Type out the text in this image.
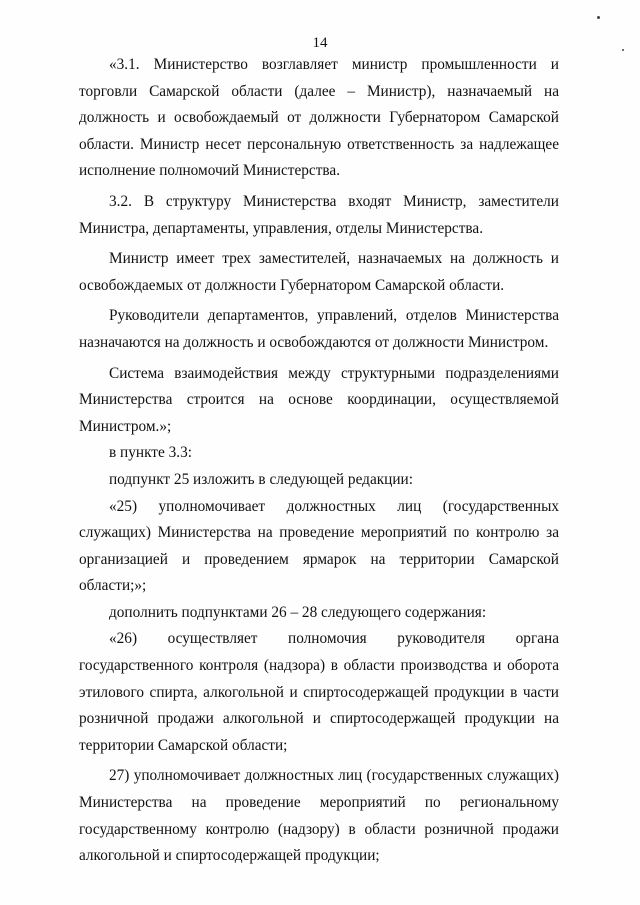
14

«3.1. Министерство возглавляет министр промышленности и торговли Самарской области (далее – Министр), назначаемый на должность и освобождаемый от должности Губернатором Самарской области. Министр несет персональную ответственность за надлежащее исполнение полномочий Министерства.

3.2. В структуру Министерства входят Министр, заместители Министра, департаменты, управления, отделы Министерства.

Министр имеет трех заместителей, назначаемых на должность и освобождаемых от должности Губернатором Самарской области.

Руководители департаментов, управлений, отделов Министерства назначаются на должность и освобождаются от должности Министром.

Система взаимодействия между структурными подразделениями Министерства строится на основе координации, осуществляемой Министром.»;

в пункте 3.3:

подпункт 25 изложить в следующей редакции:

«25) уполномочивает должностных лиц (государственных служащих) Министерства на проведение мероприятий по контролю за организацией и проведением ярмарок на территории Самарской области;»;

дополнить подпунктами 26 – 28 следующего содержания:

«26) осуществляет полномочия руководителя органа государственного контроля (надзора) в области производства и оборота этилового спирта, алкогольной и спиртосодержащей продукции в части розничной продажи алкогольной и спиртосодержащей продукции на территории Самарской области;

27) уполномочивает должностных лиц (государственных служащих) Министерства на проведение мероприятий по региональному государственному контролю (надзору) в области розничной продажи алкогольной и спиртосодержащей продукции;
